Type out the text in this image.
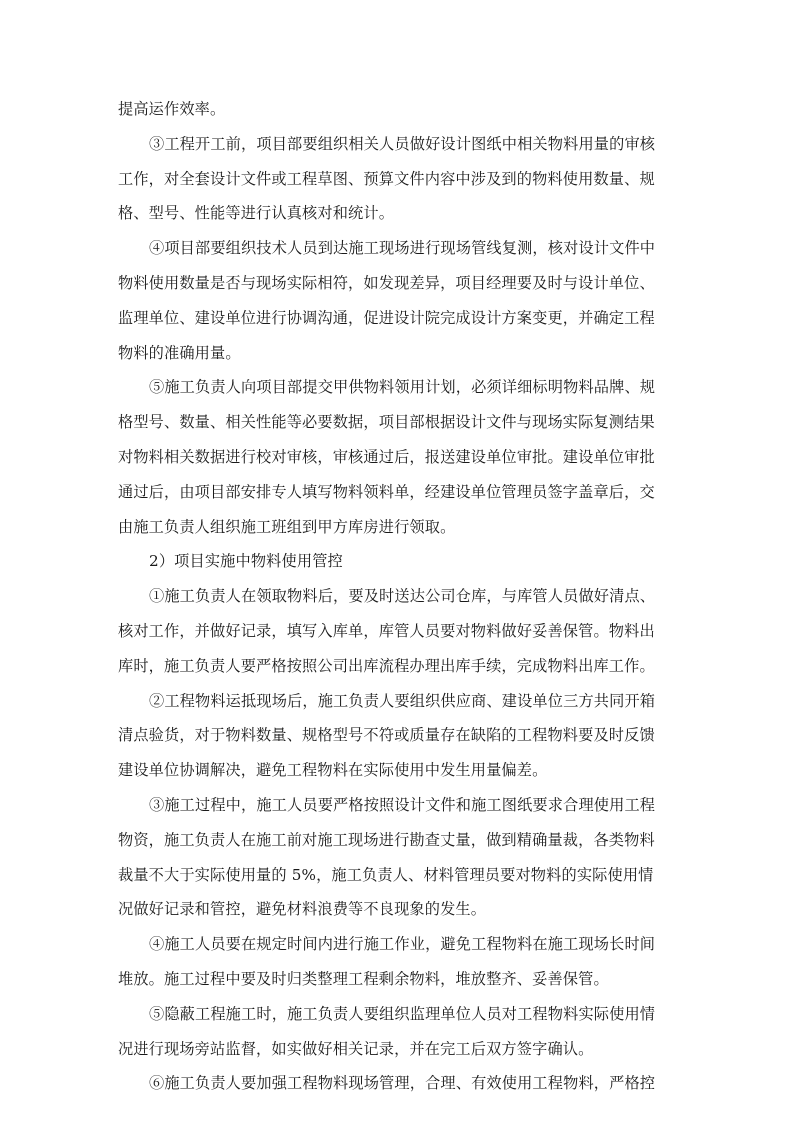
提高运作效率。
③工程开工前，项目部要组织相关人员做好设计图纸中相关物料用量的审核
工作，对全套设计文件或工程草图、预算文件内容中涉及到的物料使用数量、规
格、型号、性能等进行认真核对和统计。
④项目部要组织技术人员到达施工现场进行现场管线复测，核对设计文件中
物料使用数量是否与现场实际相符，如发现差异，项目经理要及时与设计单位、
监理单位、建设单位进行协调沟通，促进设计院完成设计方案变更，并确定工程
物料的准确用量。
⑤施工负责人向项目部提交甲供物料领用计划，必须详细标明物料品牌、规
格型号、数量、相关性能等必要数据，项目部根据设计文件与现场实际复测结果
对物料相关数据进行校对审核，审核通过后，报送建设单位审批。建设单位审批
通过后，由项目部安排专人填写物料领料单，经建设单位管理员签字盖章后，交
由施工负责人组织施工班组到甲方库房进行领取。
2）项目实施中物料使用管控
①施工负责人在领取物料后，要及时送达公司仓库，与库管人员做好清点、
核对工作，并做好记录，填写入库单，库管人员要对物料做好妥善保管。物料出
库时，施工负责人要严格按照公司出库流程办理出库手续，完成物料出库工作。
②工程物料运抵现场后，施工负责人要组织供应商、建设单位三方共同开箱
清点验货，对于物料数量、规格型号不符或质量存在缺陷的工程物料要及时反馈
建设单位协调解决，避免工程物料在实际使用中发生用量偏差。
③施工过程中，施工人员要严格按照设计文件和施工图纸要求合理使用工程
物资，施工负责人在施工前对施工现场进行勘查丈量，做到精确量裁，各类物料
裁量不大于实际使用量的 5%，施工负责人、材料管理员要对物料的实际使用情
况做好记录和管控，避免材料浪费等不良现象的发生。
④施工人员要在规定时间内进行施工作业，避免工程物料在施工现场长时间
堆放。施工过程中要及时归类整理工程剩余物料，堆放整齐、妥善保管。
⑤隐蔽工程施工时，施工负责人要组织监理单位人员对工程物料实际使用情
况进行现场旁站监督，如实做好相关记录，并在完工后双方签字确认。
⑥施工负责人要加强工程物料现场管理，合理、有效使用工程物料，严格控
